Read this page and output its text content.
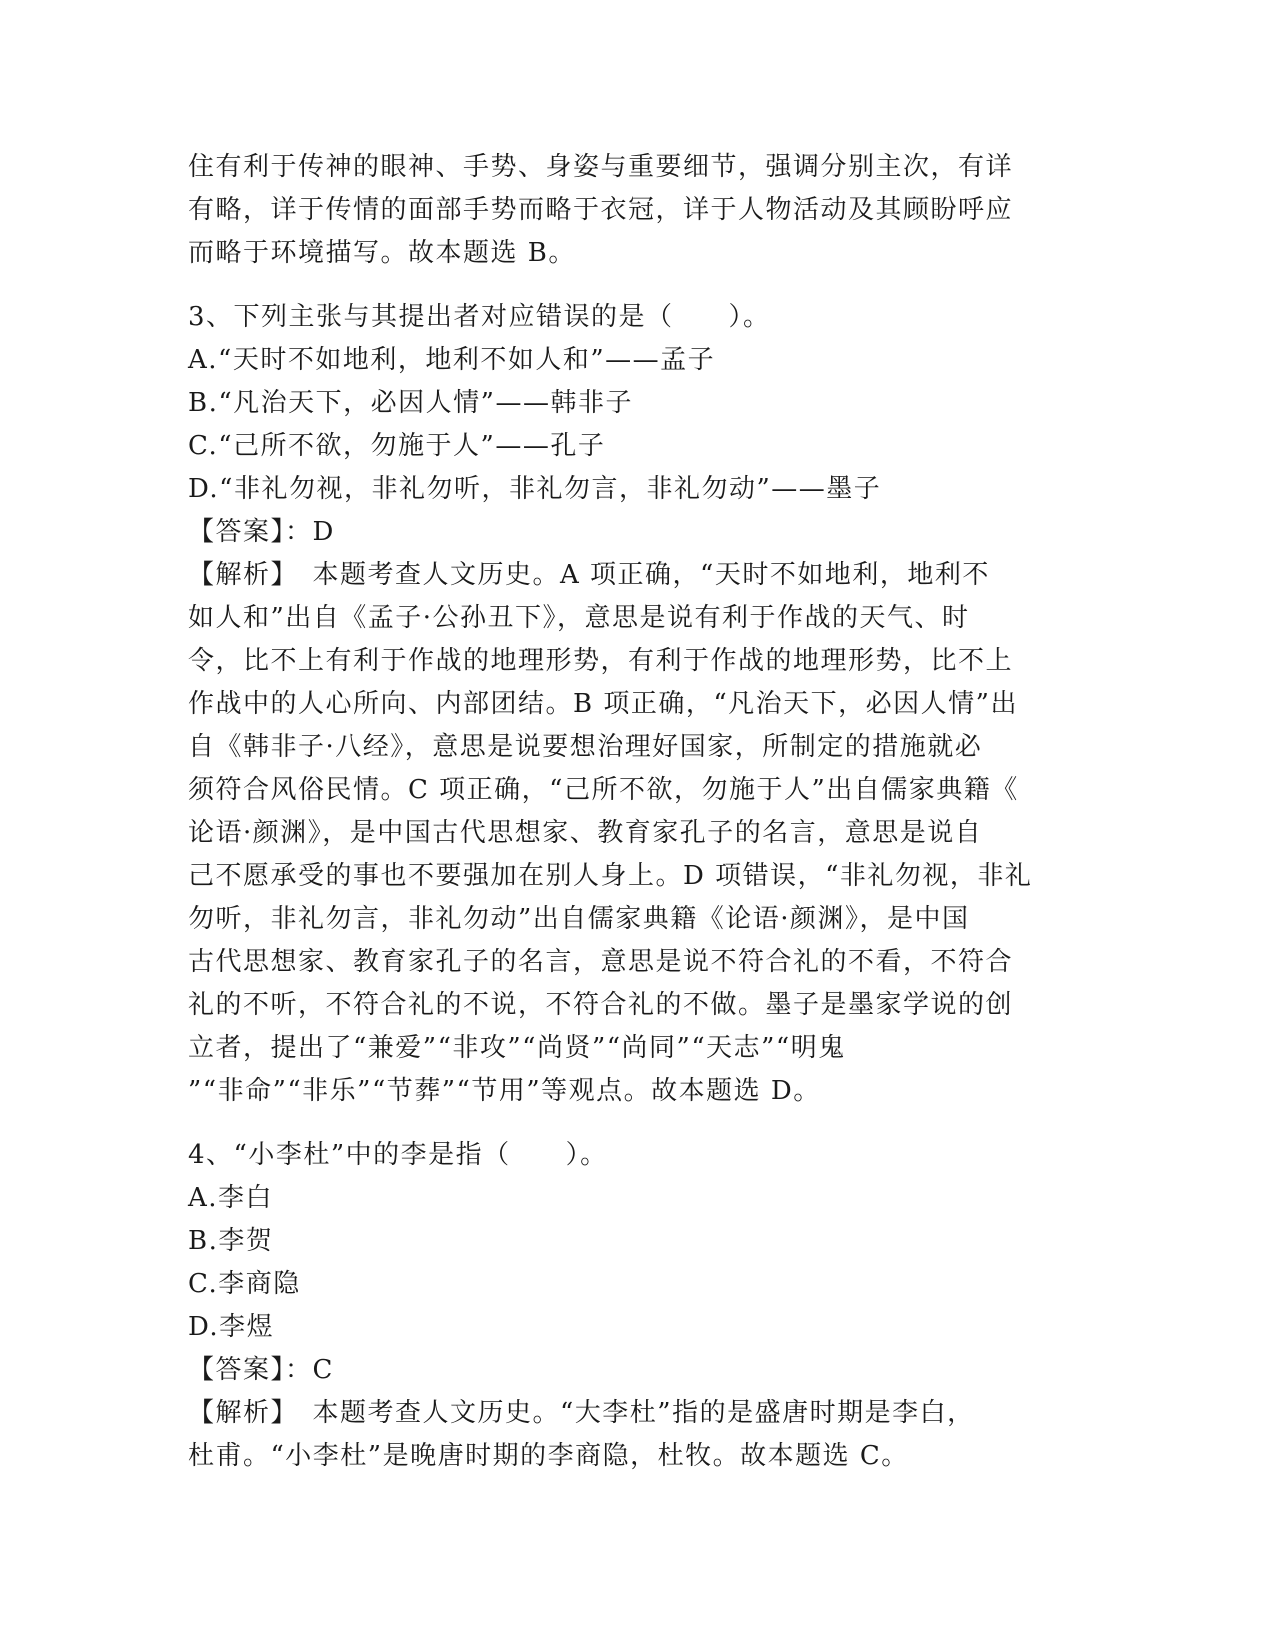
住有利于传神的眼神、手势、身姿与重要细节，强调分别主次，有详

有略，详于传情的面部手势而略于衣冠，详于人物活动及其顾盼呼应

而略于环境描写。故本题选 B。

3、下列主张与其提出者对应错误的是（　　）。

A.“天时不如地利，地利不如人和”——孟子

B.“凡治天下，必因人情”——韩非子

C.“己所不欲，勿施于人”——孔子

D.“非礼勿视，非礼勿听，非礼勿言，非礼勿动”——墨子

【答案】：D

【解析】　本题考查人文历史。A 项正确，“天时不如地利，地利不

如人和”出自《孟子·公孙丑下》，意思是说有利于作战的天气、时

令，比不上有利于作战的地理形势，有利于作战的地理形势，比不上

作战中的人心所向、内部团结。B 项正确，“凡治天下，必因人情”出

自《韩非子·八经》，意思是说要想治理好国家，所制定的措施就必

须符合风俗民情。C 项正确，“己所不欲，勿施于人”出自儒家典籍《

论语·颜渊》，是中国古代思想家、教育家孔子的名言，意思是说自

己不愿承受的事也不要强加在别人身上。D 项错误，“非礼勿视，非礼

勿听，非礼勿言，非礼勿动”出自儒家典籍《论语·颜渊》，是中国

古代思想家、教育家孔子的名言，意思是说不符合礼的不看，不符合

礼的不听，不符合礼的不说，不符合礼的不做。墨子是墨家学说的创

立者，提出了“兼爱”“非攻”“尚贤”“尚同”“天志”“明鬼

”“非命”“非乐”“节葬”“节用”等观点。故本题选 D。

4、“小李杜”中的李是指（　　）。

A.李白

B.李贺

C.李商隐

D.李煜

【答案】：C

【解析】　本题考查人文历史。“大李杜”指的是盛唐时期是李白，

杜甫。“小李杜”是晚唐时期的李商隐，杜牧。故本题选 C。
